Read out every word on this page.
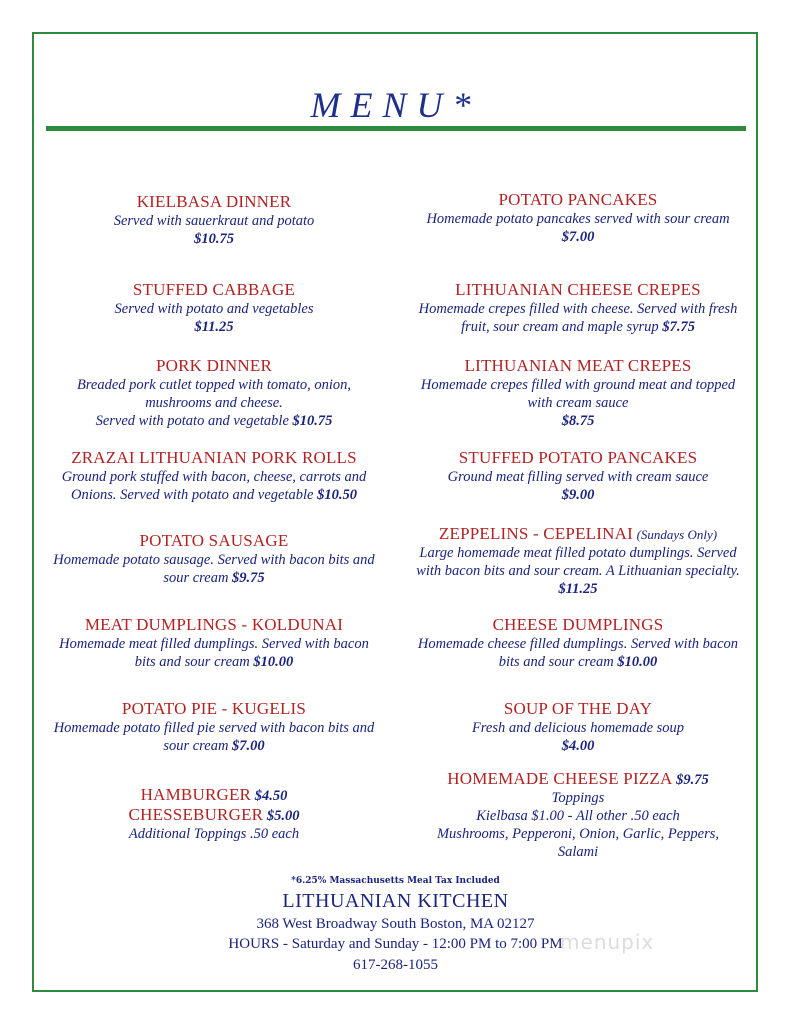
MENU*
KIELBASA DINNER
Served with sauerkraut and potato
$10.75
STUFFED CABBAGE
Served with potato and vegetables
$11.25
PORK DINNER
Breaded pork cutlet topped with tomato, onion,
mushrooms and cheese.
Served with potato and vegetable $10.75
ZRAZAI LITHUANIAN PORK ROLLS
Ground pork stuffed with bacon, cheese, carrots and
Onions. Served with potato and vegetable $10.50
POTATO SAUSAGE
Homemade potato sausage. Served with bacon bits and
sour cream $9.75
MEAT DUMPLINGS - KOLDUNAI
Homemade meat filled dumplings. Served with bacon
bits and sour cream $10.00
POTATO PIE - KUGELIS
Homemade potato filled pie served with bacon bits and
sour cream $7.00
HAMBURGER $4.50
CHESSEBURGER $5.00
Additional Toppings .50 each
POTATO PANCAKES
Homemade potato pancakes served with sour cream
$7.00
LITHUANIAN CHEESE CREPES
Homemade crepes filled with cheese. Served with fresh
fruit, sour cream and maple syrup $7.75
LITHUANIAN MEAT CREPES
Homemade crepes filled with ground meat and topped
with cream sauce
$8.75
STUFFED POTATO PANCAKES
Ground meat filling served with cream sauce
$9.00
ZEPPELINS - CEPELINAI (Sundays Only)
Large homemade meat filled potato dumplings. Served
with bacon bits and sour cream. A Lithuanian specialty.
$11.25
CHEESE DUMPLINGS
Homemade cheese filled dumplings. Served with bacon
bits and sour cream $10.00
SOUP OF THE DAY
Fresh and delicious homemade soup
$4.00
HOMEMADE CHEESE PIZZA $9.75
Toppings
Kielbasa $1.00 - All other .50 each
Mushrooms, Pepperoni, Onion, Garlic, Peppers,
Salami
*6.25% Massachusetts Meal Tax Included
LITHUANIAN KITCHEN
368 West Broadway South Boston, MA 02127
HOURS - Saturday and Sunday - 12:00 PM to 7:00 PM
617-268-1055
menupix
